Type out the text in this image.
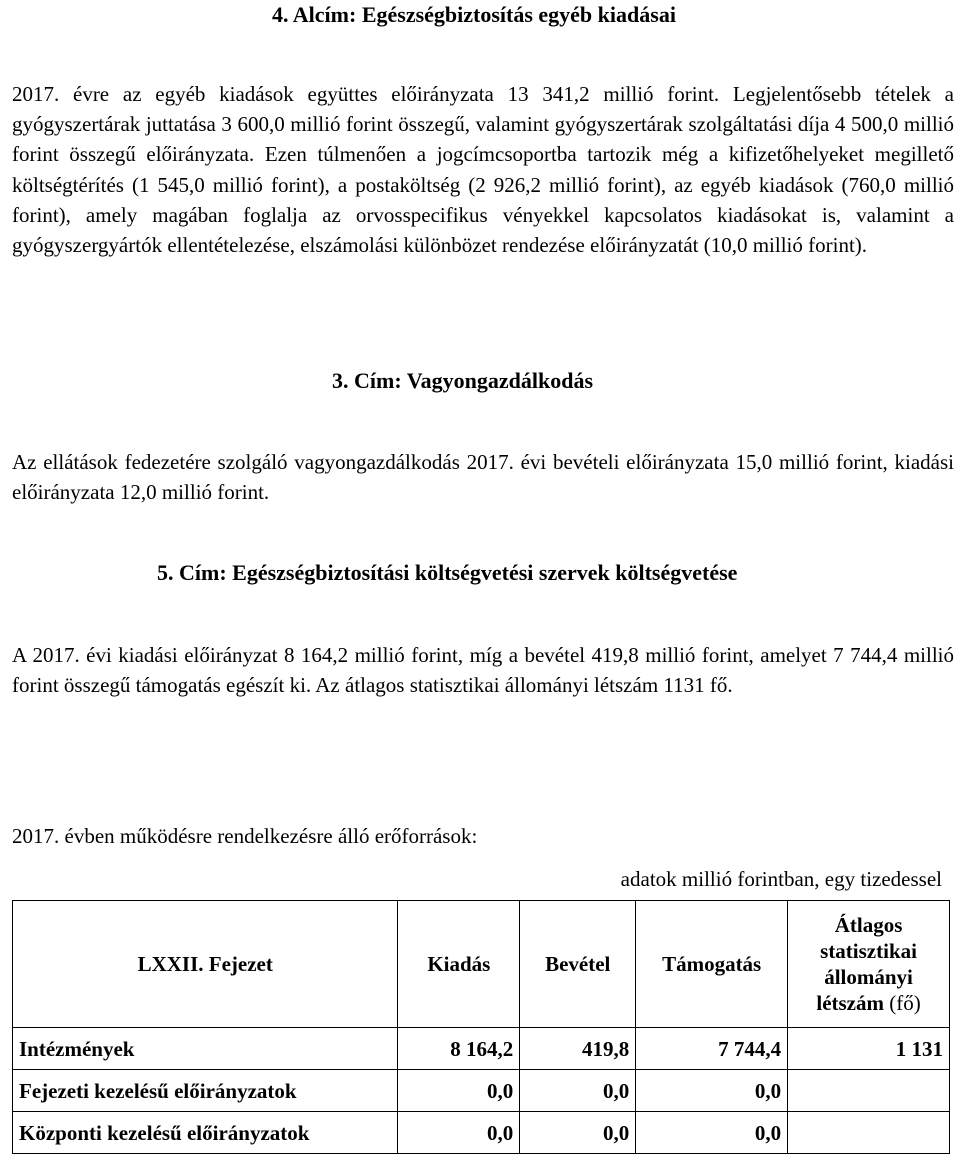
4. Alcím: Egészségbiztosítás egyéb kiadásai
2017. évre az egyéb kiadások együttes előirányzata 13 341,2 millió forint. Legjelentősebb tételek a gyógyszertárak juttatása 3 600,0 millió forint összegű, valamint gyógyszertárak szolgáltatási díja 4 500,0 millió forint összegű előirányzata. Ezen túlmenően a jogcímcsoportba tartozik még a kifizetőhelyeket megillető költségtérítés (1 545,0 millió forint), a postaköltség (2 926,2 millió forint), az egyéb kiadások (760,0 millió forint), amely magában foglalja az orvosspecifikus vényekkel kapcsolatos kiadásokat is, valamint a gyógyszergyártók ellentételezése, elszámolási különbözet rendezése előirányzatát (10,0 millió forint).
3. Cím: Vagyongazdálkodás
Az ellátások fedezetére szolgáló vagyongazdálkodás 2017. évi bevételi előirányzata 15,0 millió forint, kiadási előirányzata 12,0 millió forint.
5. Cím: Egészségbiztosítási költségvetési szervek költségvetése
A 2017. évi kiadási előirányzat 8 164,2 millió forint, míg a bevétel 419,8 millió forint, amelyet 7 744,4 millió forint összegű támogatás egészít ki. Az átlagos statisztikai állományi létszám 1131 fő.
2017. évben működésre rendelkezésre álló erőforrások:
adatok millió forintban, egy tizedessel
LXXII. Fejezet	Kiadás	Bevétel	Támogatás	Átlagos statisztikai állományi létszám (fő)
Intézmények	8 164,2	419,8	7 744,4	1 131
Fejezeti kezelésű előirányzatok	0,0	0,0	0,0	
Központi kezelésű előirányzatok	0,0	0,0	0,0	
